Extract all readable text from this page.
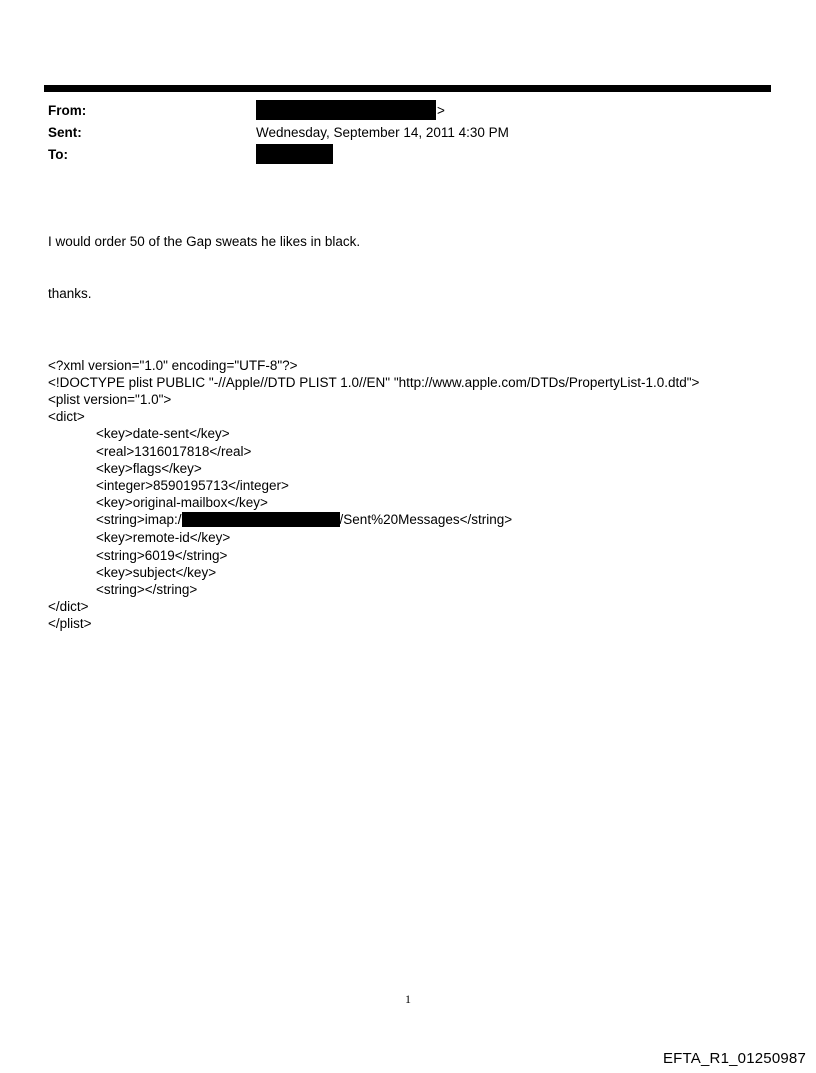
From:	>
Sent:	Wednesday, September 14, 2011 4:30 PM
To:

I would order 50 of the Gap sweats he likes in black.

thanks.

<?xml version="1.0" encoding="UTF-8"?>
<!DOCTYPE plist PUBLIC "-//Apple//DTD PLIST 1.0//EN" "http://www.apple.com/DTDs/PropertyList-1.0.dtd">
<plist version="1.0">
<dict>
<key>date-sent</key>
<real>1316017818</real>
<key>flags</key>
<integer>8590195713</integer>
<key>original-mailbox</key>
<string>imap:/	/Sent%20Messages</string>
<key>remote-id</key>
<string>6019</string>
<key>subject</key>
<string></string>
</dict>
</plist>

1
EFTA_R1_01250987
